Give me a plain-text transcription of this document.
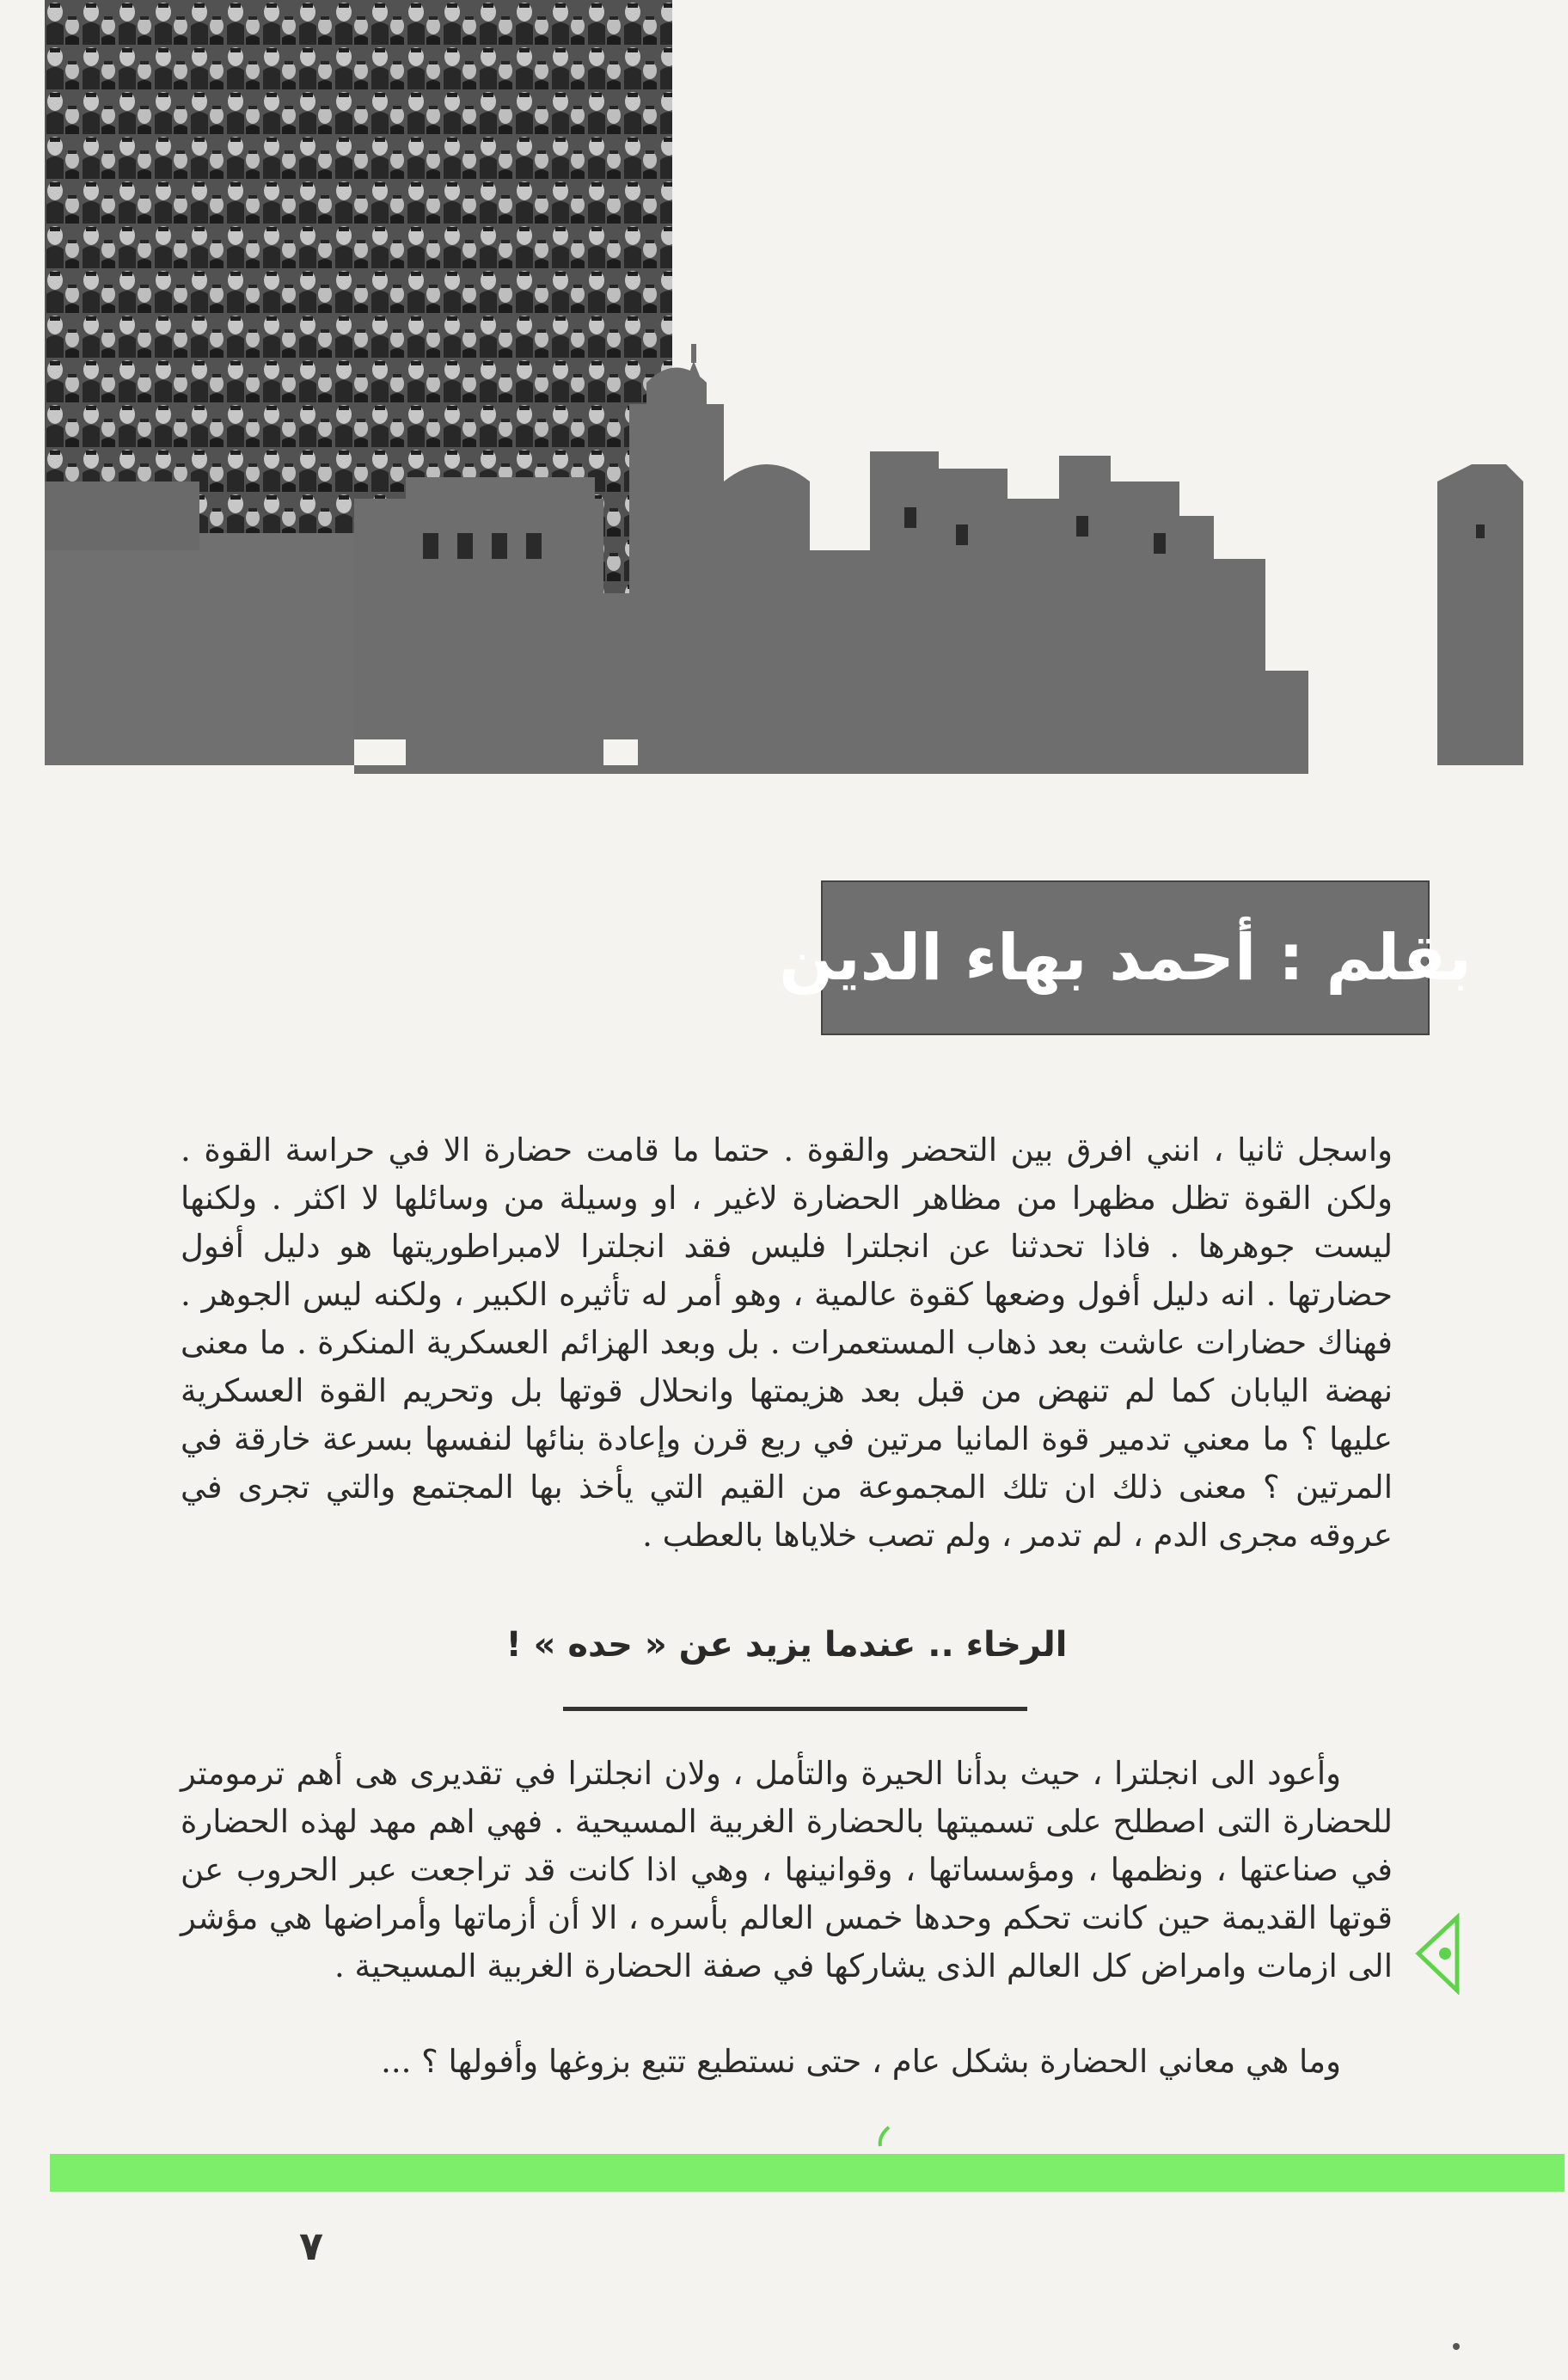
بقلم : أحمد بهاء الدين

واسجل ثانيا ، انني افرق بين التحضر والقوة . حتما ما قامت حضارة الا في حراسة القوة . ولكن القوة تظل مظهرا من مظاهر الحضارة لاغير ، او وسيلة من وسائلها لا اكثر . ولكنها ليست جوهرها . فاذا تحدثنا عن انجلترا فليس فقد انجلترا لامبراطوريتها هو دليل أفول حضارتها . انه دليل أفول وضعها كقوة عالمية ، وهو أمر له تأثيره الكبير ، ولكنه ليس الجوهر . فهناك حضارات عاشت بعد ذهاب المستعمرات . بل وبعد الهزائم العسكرية المنكرة . ما معنى نهضة اليابان كما لم تنهض من قبل بعد هزيمتها وانحلال قوتها بل وتحريم القوة العسكرية عليها ؟ ما معني تدمير قوة المانيا مرتين في ربع قرن وإعادة بنائها لنفسها بسرعة خارقة في المرتين ؟ معنى ذلك ان تلك المجموعة من القيم التي يأخذ بها المجتمع والتي تجرى في عروقه مجرى الدم ، لم تدمر ، ولم تصب خلاياها بالعطب .

الرخاء .. عندما يزيد عن « حده » !

وأعود الى انجلترا ، حيث بدأنا الحيرة والتأمل ، ولان انجلترا في تقديرى هى أهم ترمومتر للحضارة التى اصطلح على تسميتها بالحضارة الغربية المسيحية . فهي اهم مهد لهذه الحضارة في صناعتها ، ونظمها ، ومؤسساتها ، وقوانينها ، وهي اذا كانت قد تراجعت عبر الحروب عن قوتها القديمة حين كانت تحكم وحدها خمس العالم بأسره ، الا أن أزماتها وأمراضها هي مؤشر الى ازمات وامراض كل العالم الذى يشاركها في صفة الحضارة الغربية المسيحية .

وما هي معاني الحضارة بشكل عام ، حتى نستطيع تتبع بزوغها وأفولها ؟ ...

٧
